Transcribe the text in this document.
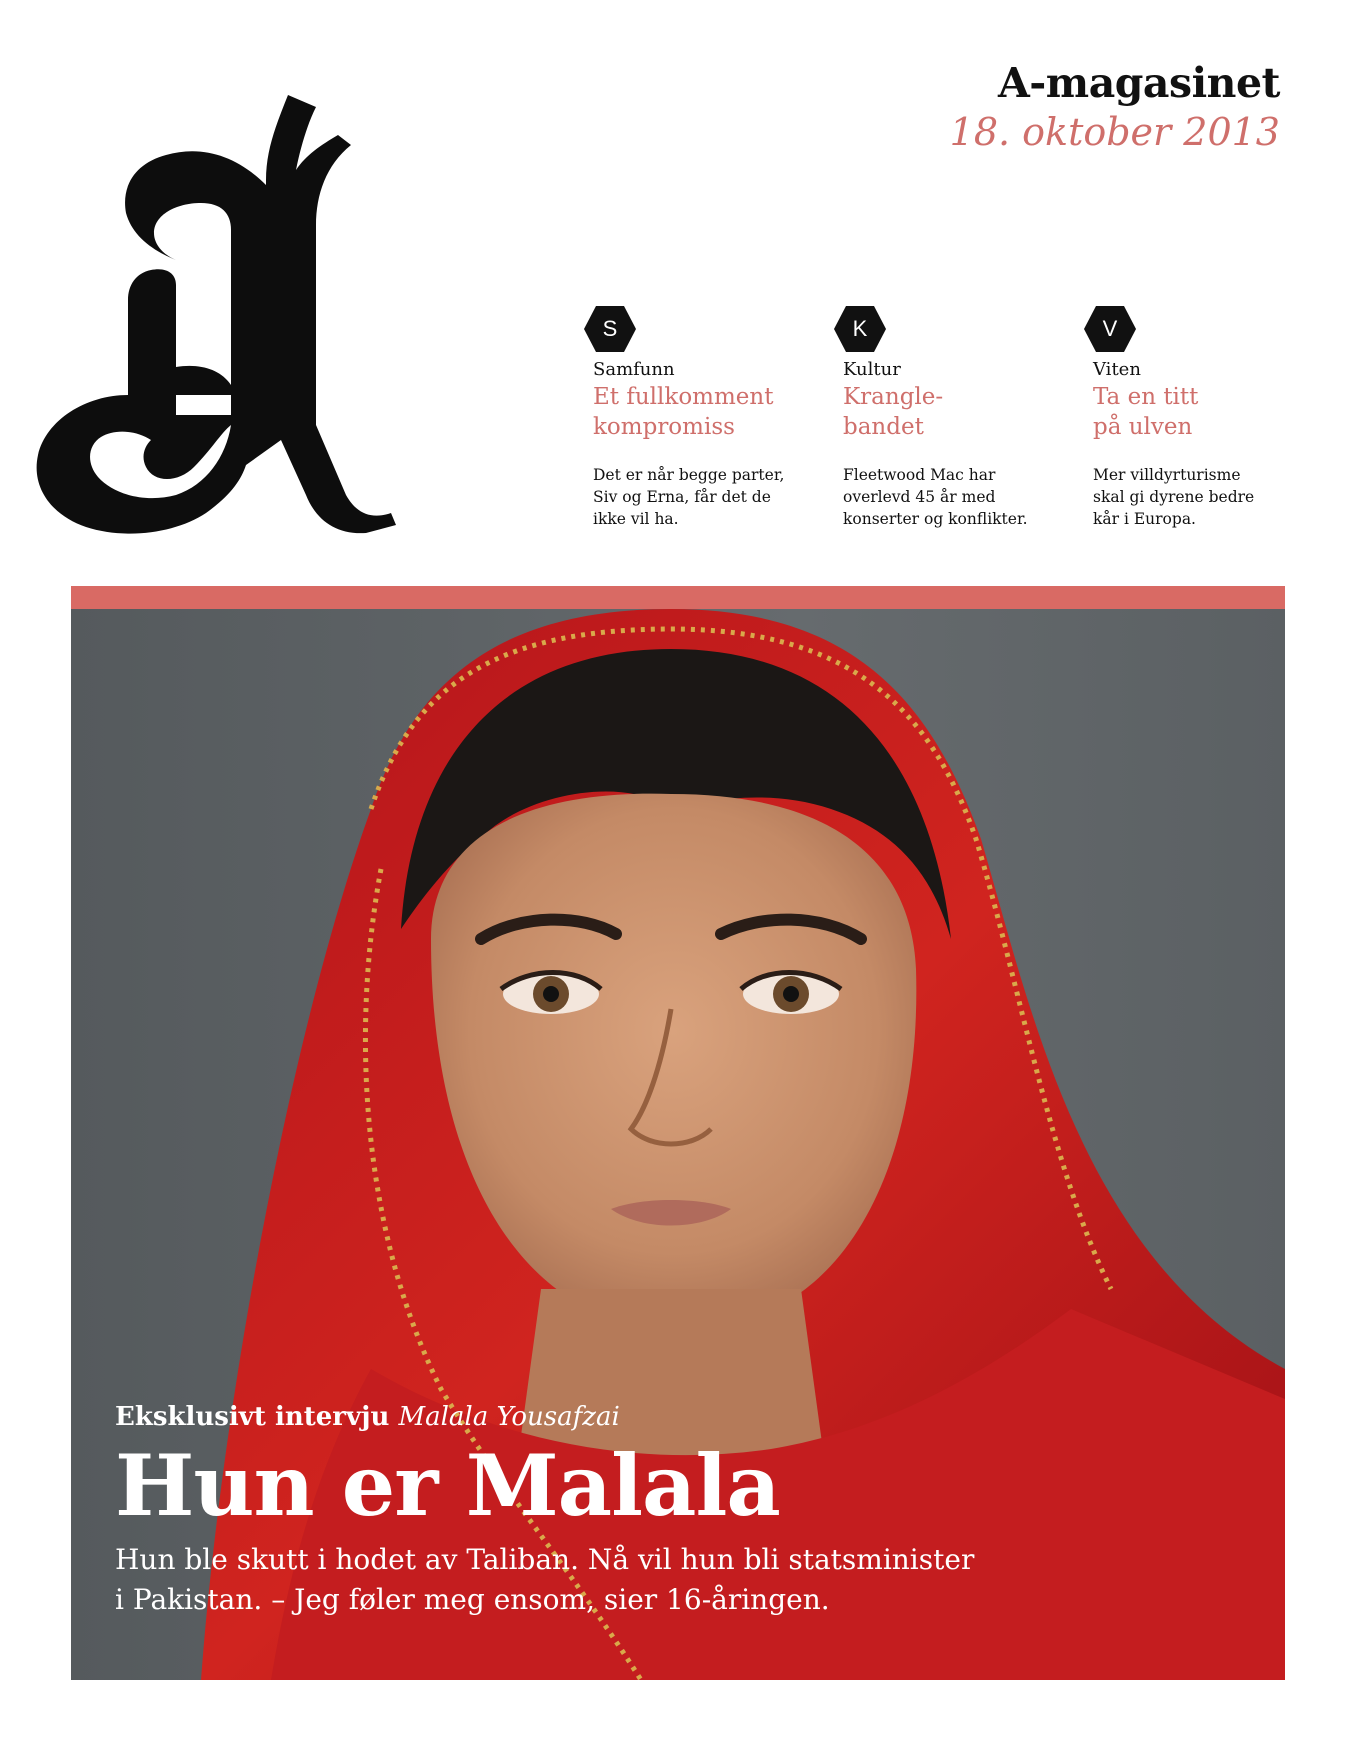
A-magasinet
18. oktober 2013
S
Samfunn
Et fullkomment
kompromiss
Det er når begge parter,
Siv og Erna, får det de
ikke vil ha.
K
Kultur
Krangle-
bandet
Fleetwood Mac har
overlevd 45 år med
konserter og konflikter.
V
Viten
Ta en titt
på ulven
Mer villdyrturisme
skal gi dyrene bedre
kår i Europa.
Eksklusivt intervju Malala Yousafzai
Hun er Malala
Hun ble skutt i hodet av Taliban. Nå vil hun bli statsminister
i Pakistan. – Jeg føler meg ensom, sier 16-åringen.
